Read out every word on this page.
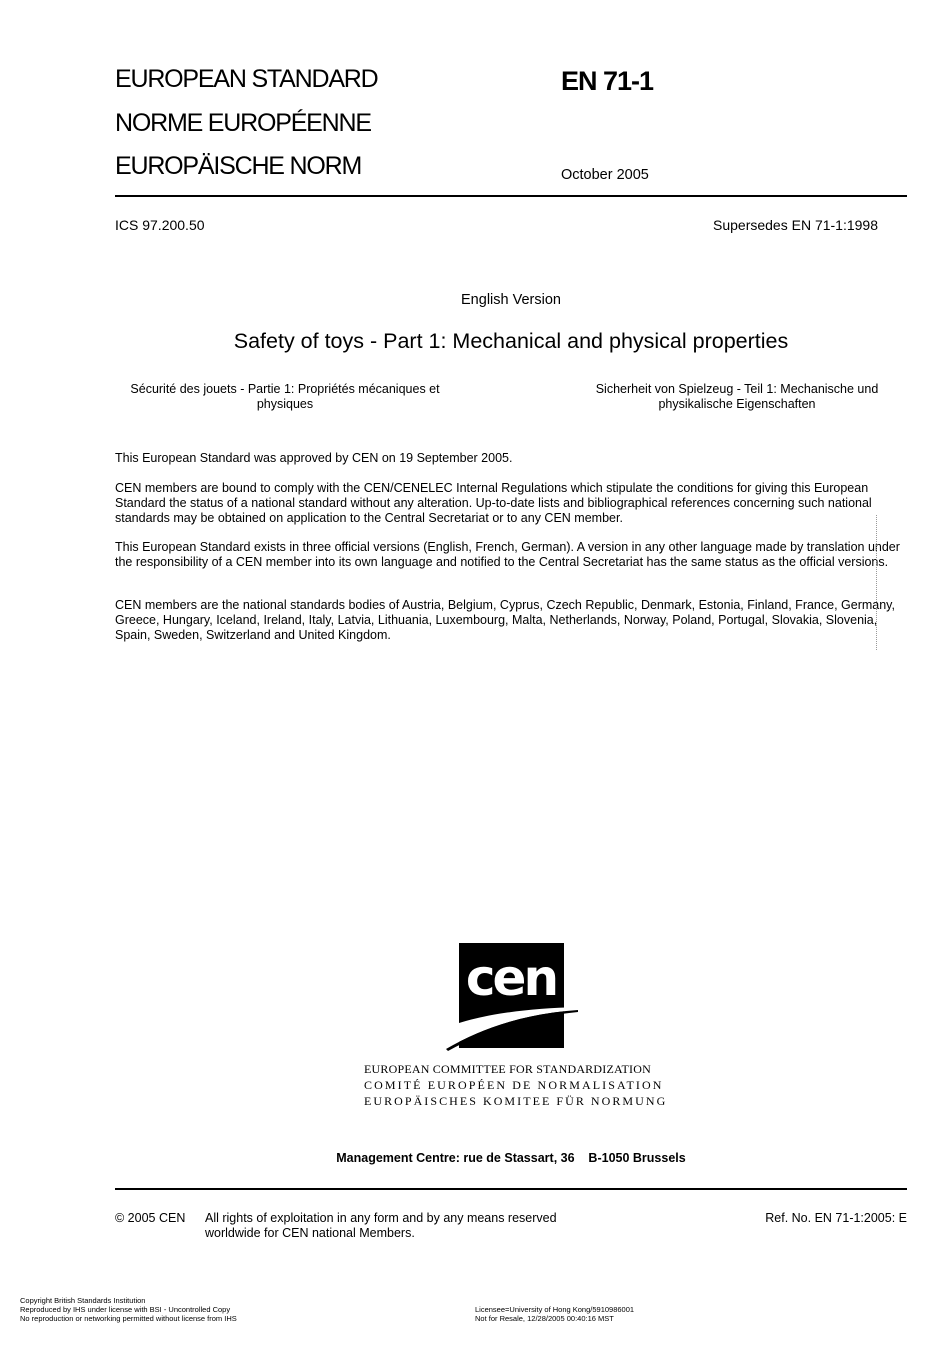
EUROPEAN STANDARD
NORME EUROPÉENNE
EUROPÄISCHE NORM
EN 71-1
October 2005
ICS 97.200.50	Supersedes EN 71-1:1998
English Version
Safety of toys - Part 1: Mechanical and physical properties
Sécurité des jouets - Partie 1: Propriétés mécaniques et
physiques
Sicherheit von Spielzeug - Teil 1: Mechanische und
physikalische Eigenschaften
This European Standard was approved by CEN on 19 September 2005.
CEN members are bound to comply with the CEN/CENELEC Internal Regulations which stipulate the conditions for giving this European Standard the status of a national standard without any alteration. Up-to-date lists and bibliographical references concerning such national standards may be obtained on application to the Central Secretariat or to any CEN member.
This European Standard exists in three official versions (English, French, German). A version in any other language made by translation under the responsibility of a CEN member into its own language and notified to the Central Secretariat has the same status as the official versions.
CEN members are the national standards bodies of Austria, Belgium, Cyprus, Czech Republic, Denmark, Estonia, Finland, France, Germany, Greece, Hungary, Iceland, Ireland, Italy, Latvia, Lithuania, Luxembourg, Malta, Netherlands, Norway, Poland, Portugal, Slovakia, Slovenia, Spain, Sweden, Switzerland and United Kingdom.
cen
EUROPEAN COMMITTEE FOR STANDARDIZATION
COMITÉ EUROPÉEN DE NORMALISATION
EUROPÄISCHES KOMITEE FÜR NORMUNG
Management Centre: rue de Stassart, 36    B-1050 Brussels
© 2005 CEN All rights of exploitation in any form and by any means reserved
worldwide for CEN national Members.
Ref. No. EN 71-1:2005: E
Copyright British Standards Institution
Reproduced by IHS under license with BSI - Uncontrolled Copy
No reproduction or networking permitted without license from IHS
Licensee=University of Hong Kong/5910986001
Not for Resale, 12/28/2005 00:40:16 MST
